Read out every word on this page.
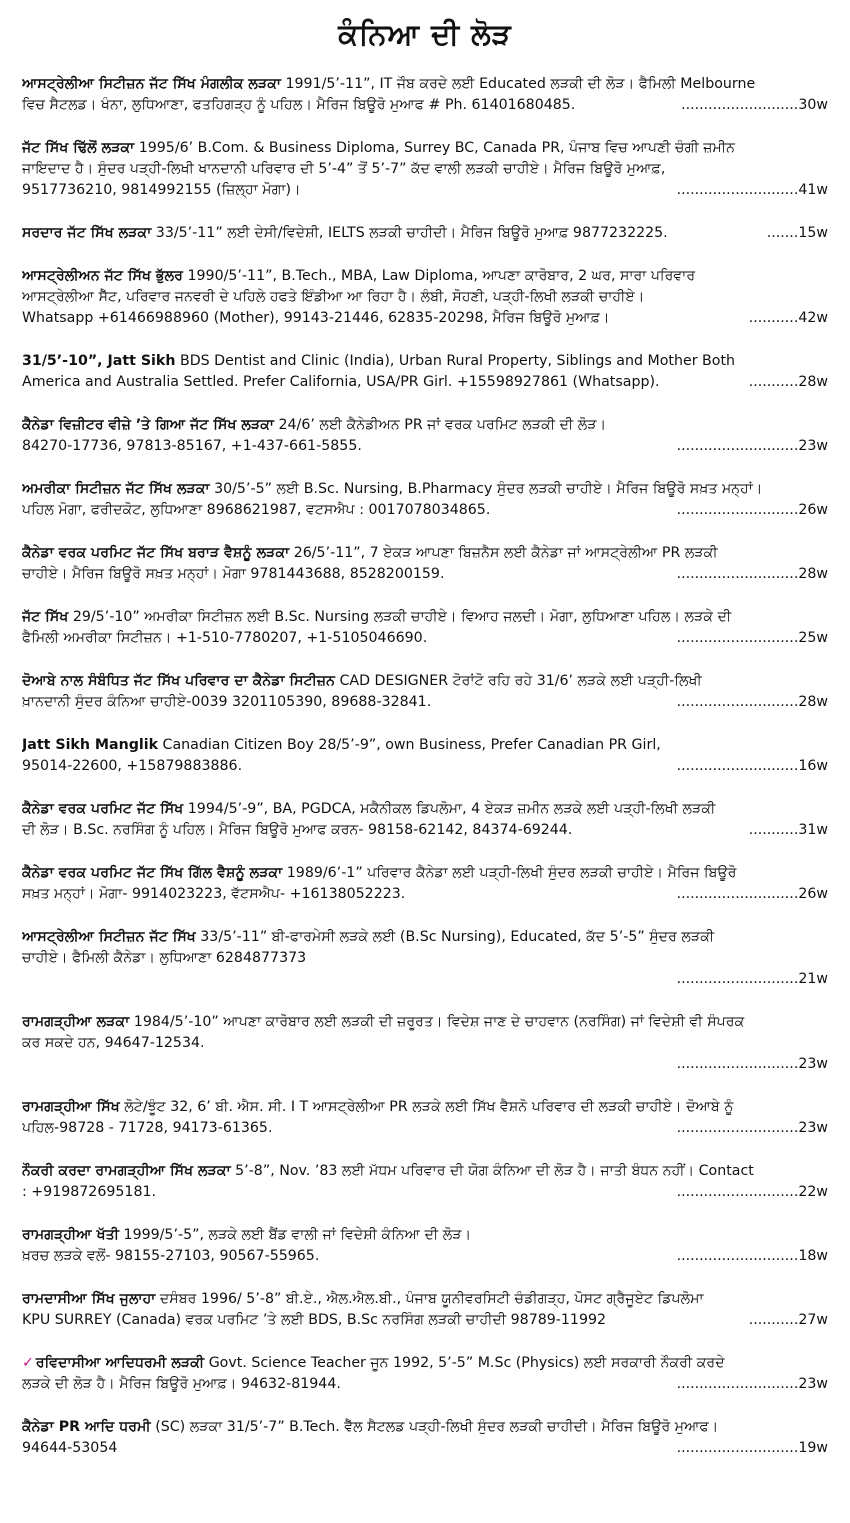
ਕੰਨਿਆ ਦੀ ਲੋੜ
ਆਸਟ੍ਰੇਲੀਆ ਸਿਟੀਜ਼ਨ ਜੱਟ ਸਿੱਖ ਮੰਗਲੀਕ ਲੜਕਾ 1991/5’-11”, IT ਜੌਬ ਕਰਦੇ ਲਈ Educated ਲੜਕੀ ਦੀ ਲੋੜ। ਫੈਮਿਲੀ Melbourne
ਵਿਚ ਸੈਟਲਡ। ਖੰਨਾ, ਲੁਧਿਆਣਾ, ਫਤਹਿਗੜ੍ਹ ਨੂੰ ਪਹਿਲ। ਮੈਰਿਜ ਬਿਊਰੋ ਮੁਆਫ # Ph. 61401680485.	..........................30w
ਜੱਟ ਸਿੱਖ ਢਿੱਲੋਂ ਲੜਕਾ 1995/6’ B.Com. & Business Diploma, Surrey BC, Canada PR, ਪੰਜਾਬ ਵਿਚ ਆਪਣੀ ਚੰਗੀ ਜ਼ਮੀਨ
ਜਾਇਦਾਦ ਹੈ। ਸੁੰਦਰ ਪੜ੍ਹੀ-ਲਿਖੀ ਖਾਨਦਾਨੀ ਪਰਿਵਾਰ ਦੀ 5’-4” ਤੋਂ 5’-7” ਕੱਦ ਵਾਲੀ ਲੜਕੀ ਚਾਹੀਏ। ਮੈਰਿਜ ਬਿਊਰੋ ਮੁਆਫ਼,
9517736210, 9814992155 (ਜ਼ਿਲ੍ਹਾ ਮੋਗਾ)।	...........................41w
ਸਰਦਾਰ ਜੱਟ ਸਿੱਖ ਲੜਕਾ 33/5’-11” ਲਈ ਦੇਸੀ/ਵਿਦੇਸ਼ੀ, IELTS ਲੜਕੀ ਚਾਹੀਦੀ। ਮੈਰਿਜ ਬਿਊਰੋ ਮੁਆਫ਼ 9877232225.	.......15w
ਆਸਟ੍ਰੇਲੀਅਨ ਜੱਟ ਸਿੱਖ ਭੁੱਲਰ 1990/5’-11”, B.Tech., MBA, Law Diploma, ਆਪਣਾ ਕਾਰੋਬਾਰ, 2 ਘਰ, ਸਾਰਾ ਪਰਿਵਾਰ
ਆਸਟ੍ਰੇਲੀਆ ਸੈੱਟ, ਪਰਿਵਾਰ ਜਨਵਰੀ ਦੇ ਪਹਿਲੇ ਹਫਤੇ ਇੰਡੀਆ ਆ ਰਿਹਾ ਹੈ। ਲੰਬੀ, ਸੋਹਣੀ, ਪੜ੍ਹੀ-ਲਿਖੀ ਲੜਕੀ ਚਾਹੀਏ।
Whatsapp +61466988960 (Mother), 99143-21446, 62835-20298, ਮੈਰਿਜ ਬਿਊਰੋ ਮੁਆਫ਼।	...........42w
31/5’-10”, Jatt Sikh BDS Dentist and Clinic (India), Urban Rural Property, Siblings and Mother Both
America and Australia Settled. Prefer California, USA/PR Girl. +15598927861 (Whatsapp).	...........28w
ਕੈਨੇਡਾ ਵਿਜ਼ੀਟਰ ਵੀਜ਼ੇ ’ਤੇ ਗਿਆ ਜੱਟ ਸਿੱਖ ਲੜਕਾ 24/6’ ਲਈ ਕੈਨੇਡੀਅਨ PR ਜਾਂ ਵਰਕ ਪਰਮਿਟ ਲੜਕੀ ਦੀ ਲੋੜ।
84270-17736, 97813-85167, +1-437-661-5855.	...........................23w
ਅਮਰੀਕਾ ਸਿਟੀਜ਼ਨ ਜੱਟ ਸਿੱਖ ਲੜਕਾ 30/5’-5” ਲਈ B.Sc. Nursing, B.Pharmacy ਸੁੰਦਰ ਲੜਕੀ ਚਾਹੀਏ। ਮੈਰਿਜ ਬਿਊਰੋ ਸਖ਼ਤ ਮਨ੍ਹਾਂ।
ਪਹਿਲ ਮੋਗਾ, ਫਰੀਦਕੋਟ, ਲੁਧਿਆਣਾ 8968621987, ਵਟਸਐਪ : 0017078034865.	...........................26w
ਕੈਨੇਡਾ ਵਰਕ ਪਰਮਿਟ ਜੱਟ ਸਿੱਖ ਬਰਾੜ ਵੈਸ਼ਨੂੰ ਲੜਕਾ 26/5’-11”, 7 ਏਕੜ ਆਪਣਾ ਬਿਜ਼ਨੈਸ ਲਈ ਕੈਨੇਡਾ ਜਾਂ ਆਸਟ੍ਰੇਲੀਆ PR ਲੜਕੀ
ਚਾਹੀਏ। ਮੈਰਿਜ ਬਿਊਰੋ ਸਖ਼ਤ ਮਨ੍ਹਾਂ। ਮੋਗਾ 9781443688, 8528200159.	...........................28w
ਜੱਟ ਸਿੱਖ 29/5’-10” ਅਮਰੀਕਾ ਸਿਟੀਜ਼ਨ ਲਈ B.Sc. Nursing ਲੜਕੀ ਚਾਹੀਏ। ਵਿਆਹ ਜਲਦੀ। ਮੋਗਾ, ਲੁਧਿਆਣਾ ਪਹਿਲ। ਲੜਕੇ ਦੀ
ਫੈਮਿਲੀ ਅਮਰੀਕਾ ਸਿਟੀਜ਼ਨ। +1-510-7780207, +1-5105046690.	...........................25w
ਦੋਆਬੇ ਨਾਲ ਸੰਬੰਧਿਤ ਜੱਟ ਸਿੱਖ ਪਰਿਵਾਰ ਦਾ ਕੈਨੇਡਾ ਸਿਟੀਜ਼ਨ CAD DESIGNER ਟੋਰਾਂਟੋ ਰਹਿ ਰਹੇ 31/6’ ਲੜਕੇ ਲਈ ਪੜ੍ਹੀ-ਲਿਖੀ
ਖ਼ਾਨਦਾਨੀ ਸੁੰਦਰ ਕੰਨਿਆ ਚਾਹੀਏ-0039 3201105390, 89688-32841.	...........................28w
Jatt Sikh Manglik Canadian Citizen Boy 28/5’-9”, own Business, Prefer Canadian PR Girl,
95014-22600, +15879883886.	...........................16w
ਕੈਨੇਡਾ ਵਰਕ ਪਰਮਿਟ ਜੱਟ ਸਿੱਖ 1994/5’-9”, BA, PGDCA, ਮਕੈਨੀਕਲ ਡਿਪਲੋਮਾ, 4 ਏਕੜ ਜ਼ਮੀਨ ਲੜਕੇ ਲਈ ਪੜ੍ਹੀ-ਲਿਖੀ ਲੜਕੀ
ਦੀ ਲੋੜ। B.Sc. ਨਰਸਿੰਗ ਨੂੰ ਪਹਿਲ। ਮੈਰਿਜ ਬਿਊਰੋ ਮੁਆਫ ਕਰਨ- 98158-62142, 84374-69244.	...........31w
ਕੈਨੇਡਾ ਵਰਕ ਪਰਮਿਟ ਜੱਟ ਸਿੱਖ ਗਿੱਲ ਵੈਸ਼ਨੂੰ ਲੜਕਾ 1989/6’-1” ਪਰਿਵਾਰ ਕੈਨੇਡਾ ਲਈ ਪੜ੍ਹੀ-ਲਿਖੀ ਸੁੰਦਰ ਲੜਕੀ ਚਾਹੀਏ। ਮੈਰਿਜ ਬਿਊਰੋ
ਸਖ਼ਤ ਮਨ੍ਹਾਂ। ਮੋਗਾ- 9914023223, ਵੱਟਸਐਪ- +16138052223.	...........................26w
ਆਸਟ੍ਰੇਲੀਆ ਸਿਟੀਜ਼ਨ ਜੱਟ ਸਿੱਖ 33/5’-11” ਬੀ-ਫਾਰਮੇਸੀ ਲੜਕੇ ਲਈ (B.Sc Nursing), Educated, ਕੱਦ 5’-5” ਸੁੰਦਰ ਲੜਕੀ
ਚਾਹੀਏ। ਫੈਮਿਲੀ ਕੈਨੇਡਾ। ਲੁਧਿਆਣਾ 6284877373
...........................21w
ਰਾਮਗੜ੍ਹੀਆ ਲੜਕਾ 1984/5’-10” ਆਪਣਾ ਕਾਰੋਬਾਰ ਲਈ ਲੜਕੀ ਦੀ ਜ਼ਰੂਰਤ। ਵਿਦੇਸ਼ ਜਾਣ ਦੇ ਚਾਹਵਾਨ (ਨਰਸਿੰਗ) ਜਾਂ ਵਿਦੇਸ਼ੀ ਵੀ ਸੰਪਰਕ
ਕਰ ਸਕਦੇ ਹਨ, 94647-12534.
...........................23w
ਰਾਮਗੜ੍ਹੀਆ ਸਿੱਖ ਲੋਟੇ/ਝੂੰਟ 32, 6’ ਬੀ. ਐਸ. ਸੀ. I T ਆਸਟ੍ਰੇਲੀਆ PR ਲੜਕੇ ਲਈ ਸਿੱਖ ਵੈਸ਼ਨੋ ਪਰਿਵਾਰ ਦੀ ਲੜਕੀ ਚਾਹੀਏ। ਦੋਆਬੇ ਨੂੰ
ਪਹਿਲ-98728 - 71728, 94173-61365.	...........................23w
ਨੌਕਰੀ ਕਰਦਾ ਰਾਮਗੜ੍ਹੀਆ ਸਿੱਖ ਲੜਕਾ 5’-8”, Nov. ’83 ਲਈ ਮੱਧਮ ਪਰਿਵਾਰ ਦੀ ਯੋਗ ਕੰਨਿਆ ਦੀ ਲੋੜ ਹੈ। ਜਾਤੀ ਬੰਧਨ ਨਹੀਂ। Contact
: +919872695181.	...........................22w
ਰਾਮਗੜ੍ਹੀਆ ਖੱਤੀ 1999/5’-5”, ਲੜਕੇ ਲਈ ਬੈਂਡ ਵਾਲੀ ਜਾਂ ਵਿਦੇਸ਼ੀ ਕੰਨਿਆ ਦੀ ਲੋੜ।
ਖ਼ਰਚ ਲੜਕੇ ਵਲੋਂ- 98155-27103, 90567-55965.	...........................18w
ਰਾਮਦਾਸੀਆ ਸਿੱਖ ਜੁਲਾਹਾ ਦਸੰਬਰ 1996/ 5’-8” ਬੀ.ਏ., ਐਲ.ਐਲ.ਬੀ., ਪੰਜਾਬ ਯੂਨੀਵਰਸਿਟੀ ਚੰਡੀਗੜ੍ਹ, ਪੋਸਟ ਗ੍ਰੈਜੂਏਟ ਡਿਪਲੋਮਾ
KPU SURREY (Canada) ਵਰਕ ਪਰਮਿਟ ’ਤੇ ਲਈ BDS, B.Sc ਨਰਸਿੰਗ ਲੜਕੀ ਚਾਹੀਦੀ 98789-11992	...........27w
✓ ਰਵਿਦਾਸੀਆ ਆਦਿਧਰਮੀ ਲੜਕੀ Govt. Science Teacher ਜੂਨ 1992, 5’-5” M.Sc (Physics) ਲਈ ਸਰਕਾਰੀ ਨੌਕਰੀ ਕਰਦੇ
ਲੜਕੇ ਦੀ ਲੋੜ ਹੈ। ਮੈਰਿਜ ਬਿਊਰੋ ਮੁਆਫ਼। 94632-81944.	...........................23w
ਕੈਨੇਡਾ PR ਆਦਿ ਧਰਮੀ (SC) ਲੜਕਾ 31/5’-7” B.Tech. ਵੈੱਲ ਸੈਟਲਡ ਪੜ੍ਹੀ-ਲਿਖੀ ਸੁੰਦਰ ਲੜਕੀ ਚਾਹੀਦੀ। ਮੈਰਿਜ ਬਿਊਰੋ ਮੁਆਫ।
94644-53054	...........................19w
